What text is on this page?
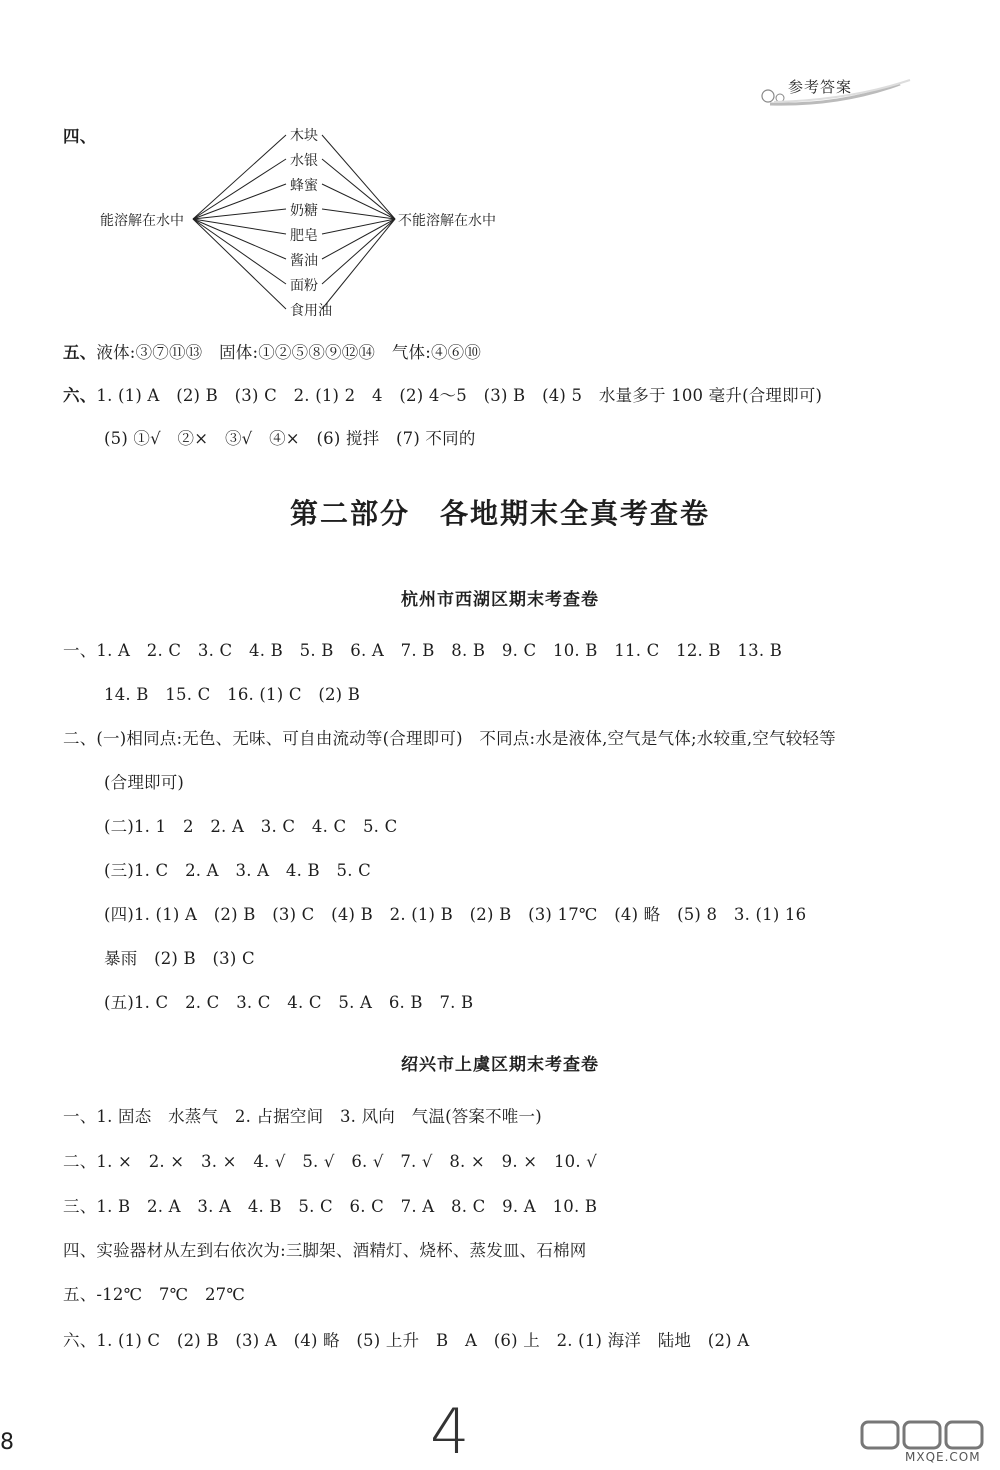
参考答案
四、
能溶解在水中	不能溶解在水中
木块
水银
蜂蜜
奶糖
肥皂
酱油
面粉
食用油
五、液体:③⑦⑪⑬　固体:①②⑤⑧⑨⑫⑭　气体:④⑥⑩
六、1. (1) A　(2) B　(3) C　2. (1) 2　4　(2) 4～5　(3) B　(4) 5　水量多于 100 毫升(合理即可)
(5) ①√　②×　③√　④×　(6) 搅拌　(7) 不同的
第二部分　各地期末全真考查卷
杭州市西湖区期末考查卷
一、1. A　2. C　3. C　4. B　5. B　6. A　7. B　8. B　9. C　10. B　11. C　12. B　13. B
14. B　15. C　16. (1) C　(2) B
二、(一)相同点:无色、无味、可自由流动等(合理即可)　不同点:水是液体,空气是气体;水较重,空气较轻等
(合理即可)
(二)1. 1　2　2. A　3. C　4. C　5. C
(三)1. C　2. A　3. A　4. B　5. C
(四)1. (1) A　(2) B　(3) C　(4) B　2. (1) B　(2) B　(3) 17℃　(4) 略　(5) 8　3. (1) 16
暴雨　(2) B　(3) C
(五)1. C　2. C　3. C　4. C　5. A　6. B　7. B
绍兴市上虞区期末考查卷
一、1. 固态　水蒸气　2. 占据空间　3. 风向　气温(答案不唯一)
二、1. ×　2. ×　3. ×　4. √　5. √　6. √　7. √　8. ×　9. ×　10. √
三、1. B　2. A　3. A　4. B　5. C　6. C　7. A　8. C　9. A　10. B
四、实验器材从左到右依次为:三脚架、酒精灯、烧杯、蒸发皿、石棉网
五、-12℃　7℃　27℃
六、1. (1) C　(2) B　(3) A　(4) 略　(5) 上升　B　A　(6) 上　2. (1) 海洋　陆地　(2) A
8	4	MXQE.COM
